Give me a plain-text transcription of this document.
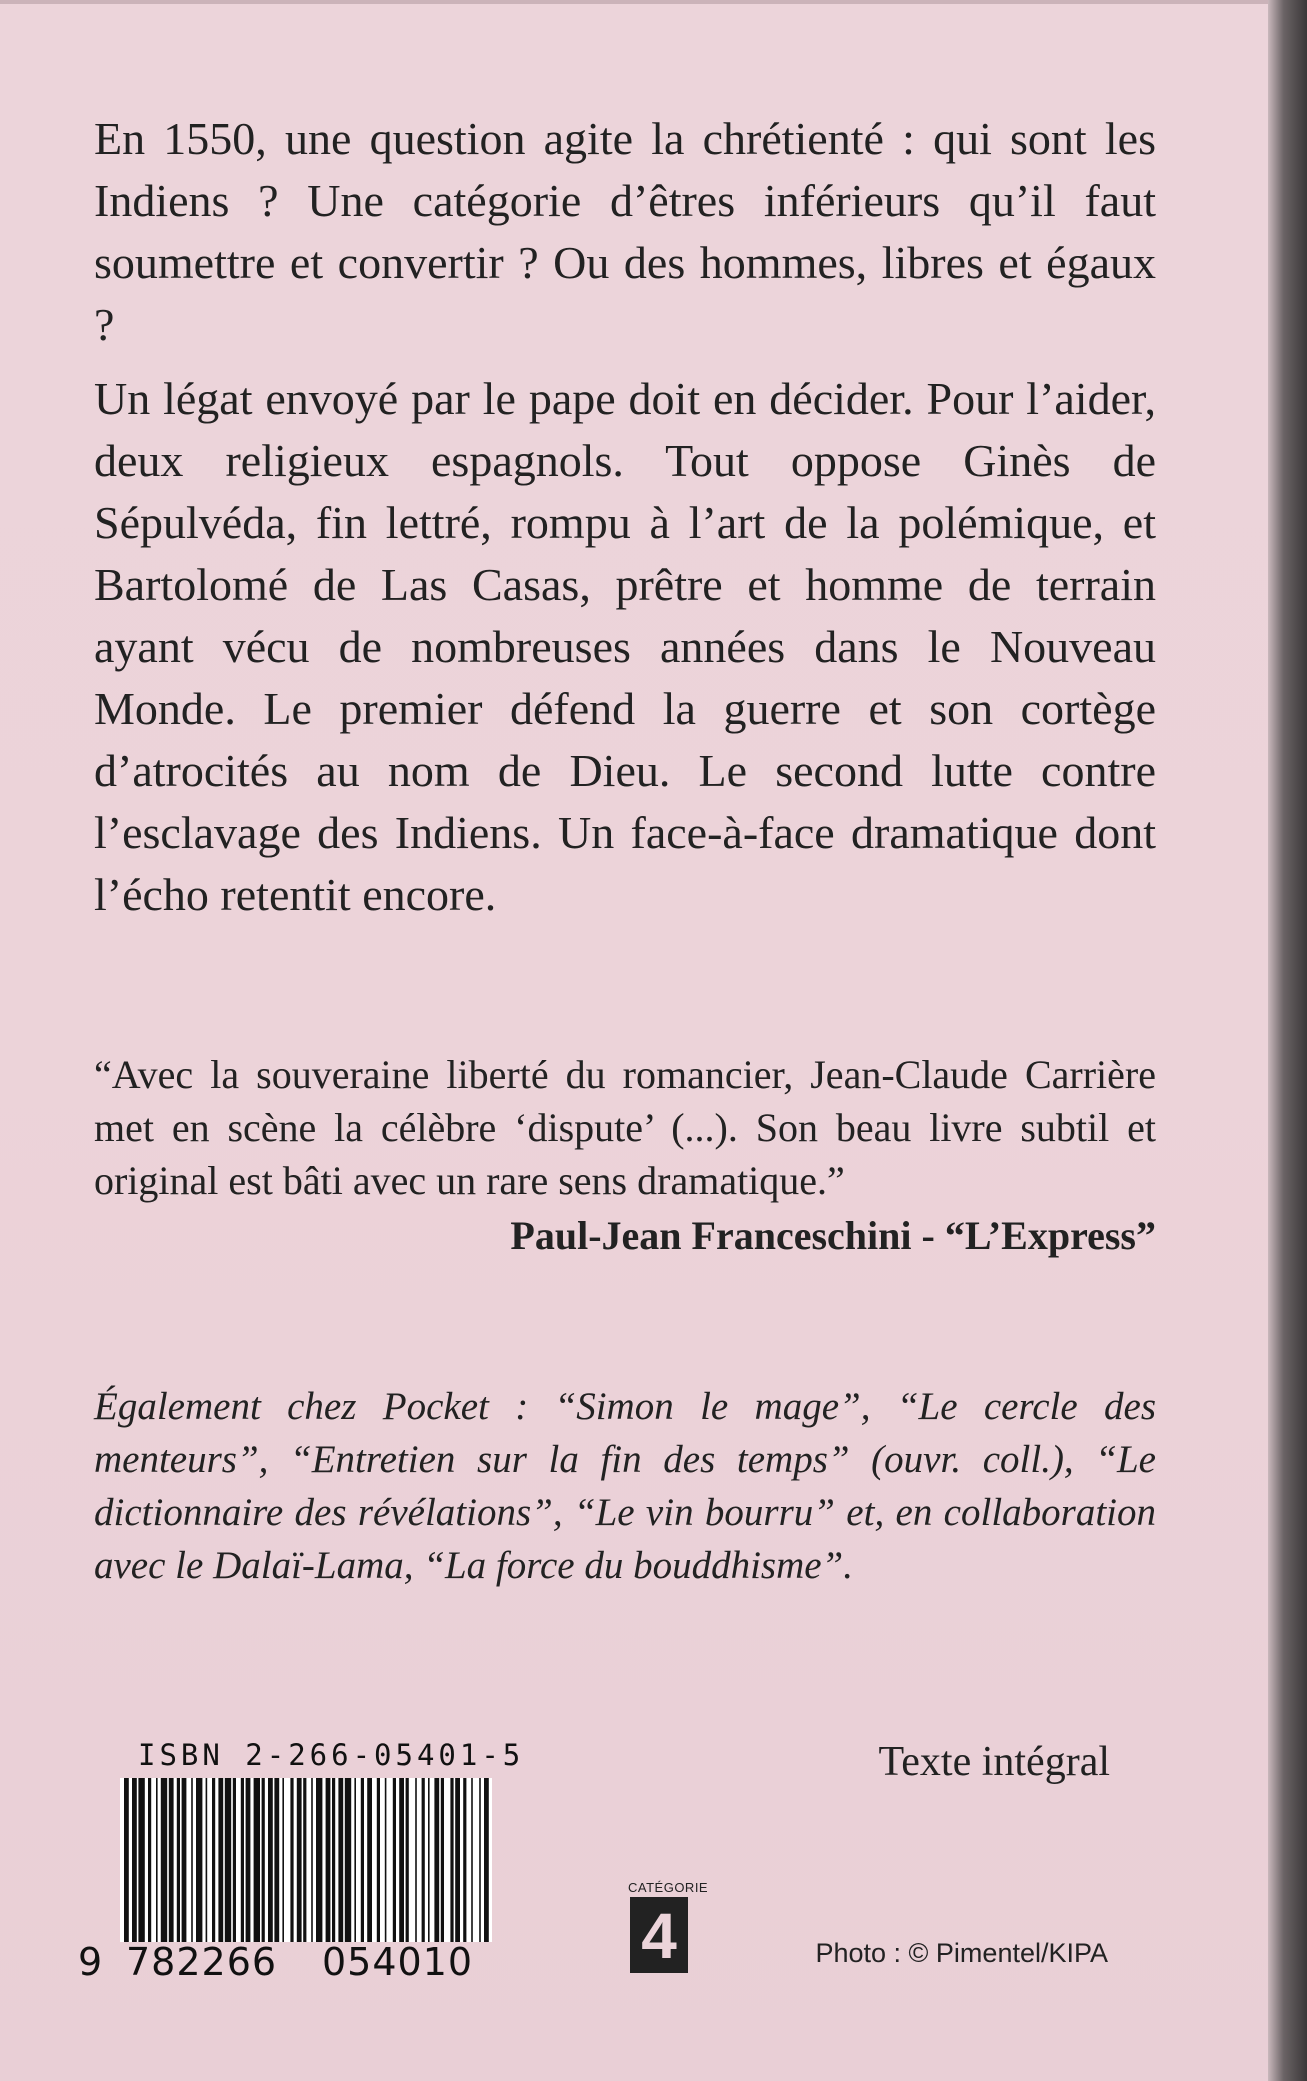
En 1550, une question agite la chrétienté : qui sont les Indiens ? Une catégorie d’êtres inférieurs qu’il faut soumettre et convertir ? Ou des hommes, libres et égaux ?

Un légat envoyé par le pape doit en décider. Pour l’aider, deux religieux espagnols. Tout oppose Ginès de Sépulvéda, fin lettré, rompu à l’art de la polémique, et Bartolomé de Las Casas, prêtre et homme de terrain ayant vécu de nombreuses années dans le Nouveau Monde. Le premier défend la guerre et son cortège d’atrocités au nom de Dieu. Le second lutte contre l’esclavage des Indiens. Un face-à-face dramatique dont l’écho retentit encore.

“Avec la souveraine liberté du romancier, Jean-Claude Carrière met en scène la célèbre ‘dispute’ (...). Son beau livre subtil et original est bâti avec un rare sens dramatique.”

Paul-Jean Franceschini - “L’Express”

Également chez Pocket : “Simon le mage”, “Le cercle des menteurs”, “Entretien sur la fin des temps” (ouvr. coll.), “Le dictionnaire des révélations”, “Le vin bourru” et, en collaboration avec le Dalaï-Lama, “La force du bouddhisme”.

ISBN 2-266-05401-5
9 782266 054010
Texte intégral
CATÉGORIE
4	Photo : © Pimentel/KIPA
